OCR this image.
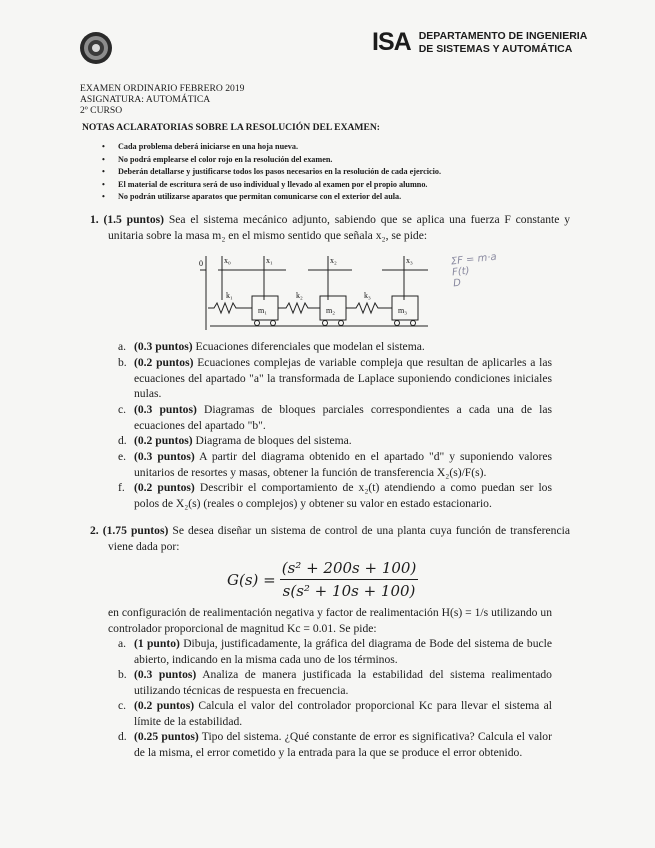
ISA DEPARTAMENTO DE INGENIERIA
DE SISTEMAS Y AUTOMÁTICA
EXAMEN ORDINARIO FEBRERO 2019
ASIGNATURA: AUTOMÁTICA
2º CURSO
NOTAS ACLARATORIAS SOBRE LA RESOLUCIÓN DEL EXAMEN:
• Cada problema deberá iniciarse en una hoja nueva.
• No podrá emplearse el color rojo en la resolución del examen.
• Deberán detallarse y justificarse todos los pasos necesarios en la resolución de cada ejercicio.
• El material de escritura será de uso individual y llevado al examen por el propio alumno.
• No podrán utilizarse aparatos que permitan comunicarse con el exterior del aula.
1. (1.5 puntos) Sea el sistema mecánico adjunto, sabiendo que se aplica una fuerza F constante y unitaria sobre la masa m₂ en el mismo sentido que señala x₂, se pide:
0	x₀	x₁	x₂	x₃
k₁	k₂	k₃
m₁	m₂	m₃
ΣF = m·a
F(t)
D
a. (0.3 puntos) Ecuaciones diferenciales que modelan el sistema.
b. (0.2 puntos) Ecuaciones complejas de variable compleja que resultan de aplicarles a las ecuaciones del apartado "a" la transformada de Laplace suponiendo condiciones iniciales nulas.
c. (0.3 puntos) Diagramas de bloques parciales correspondientes a cada una de las ecuaciones del apartado "b".
d. (0.2 puntos) Diagrama de bloques del sistema.
e. (0.3 puntos) A partir del diagrama obtenido en el apartado "d" y suponiendo valores unitarios de resortes y masas, obtener la función de transferencia X₂(s)/F(s).
f. (0.2 puntos) Describir el comportamiento de x₂(t) atendiendo a como puedan ser los polos de X₂(s) (reales o complejos) y obtener su valor en estado estacionario.
2. (1.75 puntos) Se desea diseñar un sistema de control de una planta cuya función de transferencia viene dada por:
G(s) =	
(s² + 200s + 100)
s(s² + 10s + 100)
en configuración de realimentación negativa y factor de realimentación H(s) = 1/s utilizando un controlador proporcional de magnitud Kc = 0.01. Se pide:
a. (1 punto) Dibuja, justificadamente, la gráfica del diagrama de Bode del sistema de bucle abierto, indicando en la misma cada uno de los términos.
b. (0.3 puntos) Analiza de manera justificada la estabilidad del sistema realimentado utilizando técnicas de respuesta en frecuencia.
c. (0.2 puntos) Calcula el valor del controlador proporcional Kc para llevar el sistema al límite de la estabilidad.
d. (0.25 puntos) Tipo del sistema. ¿Qué constante de error es significativa? Calcula el valor de la misma, el error cometido y la entrada para la que se produce el error obtenido.
